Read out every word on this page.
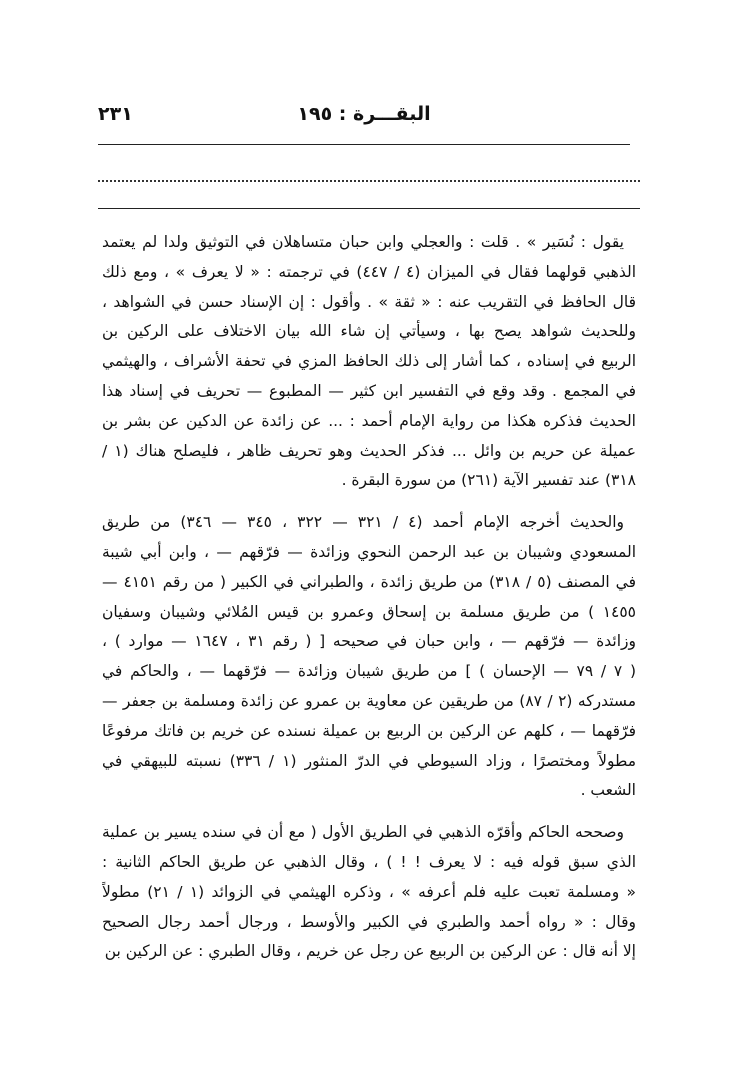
٢٣١	البقـــرة : ١٩٥
يقول : نُسَير » . قلت : والعجلي وابن حبان متساهلان في التوثيق ولدا لم يعتمد
الذهبي قولهما فقال في الميزان (٤ / ٤٤٧) في ترجمته : « لا يعرف » ، ومع ذلك
قال الحافظ في التقريب عنه : « ثقة » . وأقول : إن الإسناد حسن في الشواهد ،
وللحديث شواهد يصح بها ، وسيأتي إن شاء الله بيان الاختلاف على الركين بن
الربيع في إسناده ، كما أشار إلى ذلك الحافظ المزي في تحفة الأشراف ، والهيثمي
في المجمع . وقد وقع في التفسير ابن كثير — المطبوع — تحريف في إسناد هذا
الحديث فذكره هكذا من رواية الإمام أحمد : ... عن زائدة عن الدكين عن بشر بن
عميلة عن حريم بن وائل ... فذكر الحديث وهو تحريف ظاهر ، فليصلح هناك (١ /
٣١٨) عند تفسير الآية (٢٦١) من سورة البقرة .
والحديث أخرجه الإمام أحمد (٤ / ٣٢١ — ٣٢٢ ، ٣٤٥ — ٣٤٦) من طريق
المسعودي وشيبان بن عبد الرحمن النحوي وزائدة — فرّقهم — ، وابن أبي شيبة
في المصنف (٥ / ٣١٨) من طريق زائدة ، والطبراني في الكبير ( من رقم ٤١٥١ —
١٤٥٥ ) من طريق مسلمة بن إسحاق وعمرو بن قيس المُلائي وشيبان وسفيان
وزائدة — فرّقهم — ، وابن حبان في صحيحه [ ( رقم ٣١ ، ١٦٤٧ — موارد ) ،
( ٧ / ٧٩ — الإحسان ) ] من طريق شيبان وزائدة — فرّقهما — ، والحاكم في
مستدركه (٢ / ٨٧) من طريقين عن معاوية بن عمرو عن زائدة ومسلمة بن جعفر —
فرّقهما — ، كلهم عن الركين بن الربيع بن عميلة نسنده عن خريم بن فاتك مرفوعًا
مطولاً ومختصرًا ، وزاد السيوطي في الدرّ المنثور (١ / ٣٣٦) نسبته للبيهقي في
الشعب .
وصححه الحاكم وأقرّه الذهبي في الطريق الأول ( مع أن في سنده يسير بن عملية
الذي سبق قوله فيه : لا يعرف ! ! ) ، وقال الذهبي عن طريق الحاكم الثانية :
« ومسلمة تعبت عليه فلم أعرفه » ، وذكره الهيثمي في الزوائد (١ / ٢١) مطولاً
وقال : « رواه أحمد والطبري في الكبير والأوسط ، ورجال أحمد رجال الصحيح
إلا أنه قال : عن الركين بن الربيع عن رجل عن خريم ، وقال الطبري : عن الركين بن
